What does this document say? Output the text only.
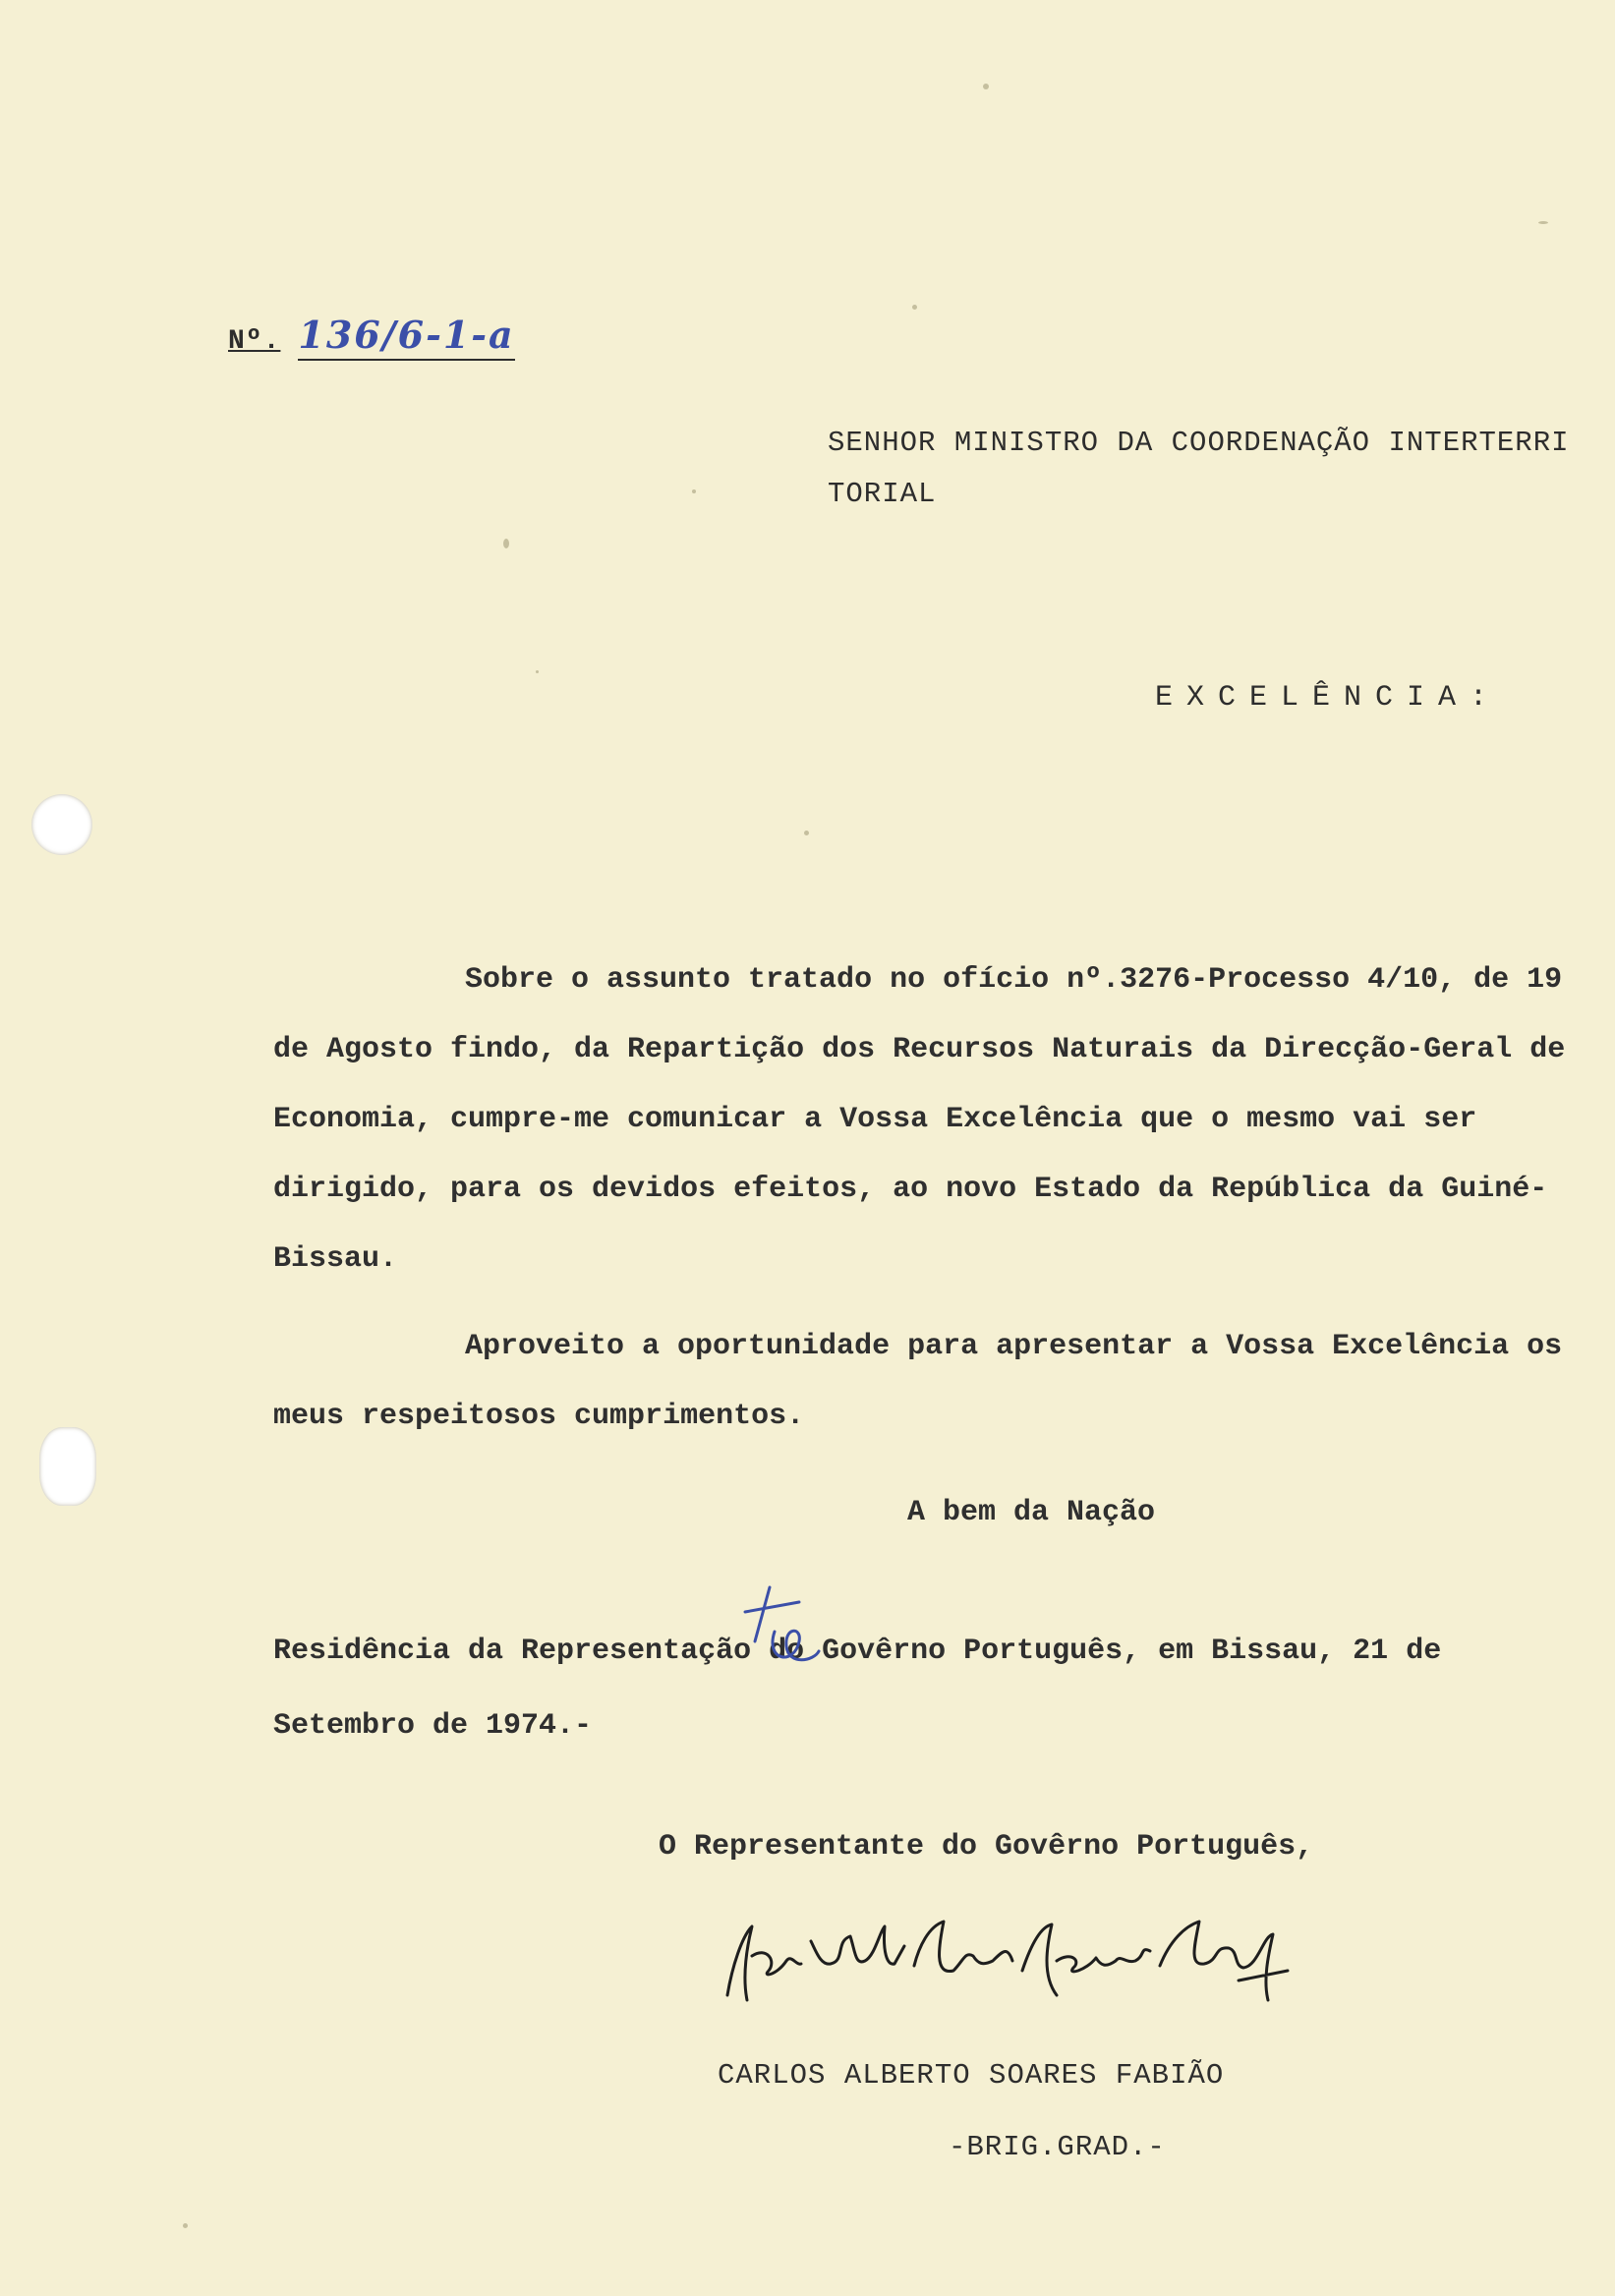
Nº. 136/6-1-a
SENHOR MINISTRO DA COORDENAÇÃO INTERTERRI
TORIAL
EXCELÊNCIA:

Sobre o assunto tratado no ofício nº.3276-Processo 4/10, de 19 de Agosto findo, da Repartição dos Recursos Naturais da Direcção-Geral de Economia, cumpre-me comunicar a Vossa Excelência que o mesmo vai ser dirigido, para os devidos efeitos, ao novo Estado da República da Guiné-Bissau.

Aproveito a oportunidade para apresentar a Vossa Excelência os meus respeitosos cumprimentos.

A bem da Nação
Residência da Representação do Govêrno Português, em Bissau, 21 de Setembro de 1974.-
O Representante do Govêrno Português,
CARLOS ALBERTO SOARES FABIÃO
-BRIG.GRAD.-
